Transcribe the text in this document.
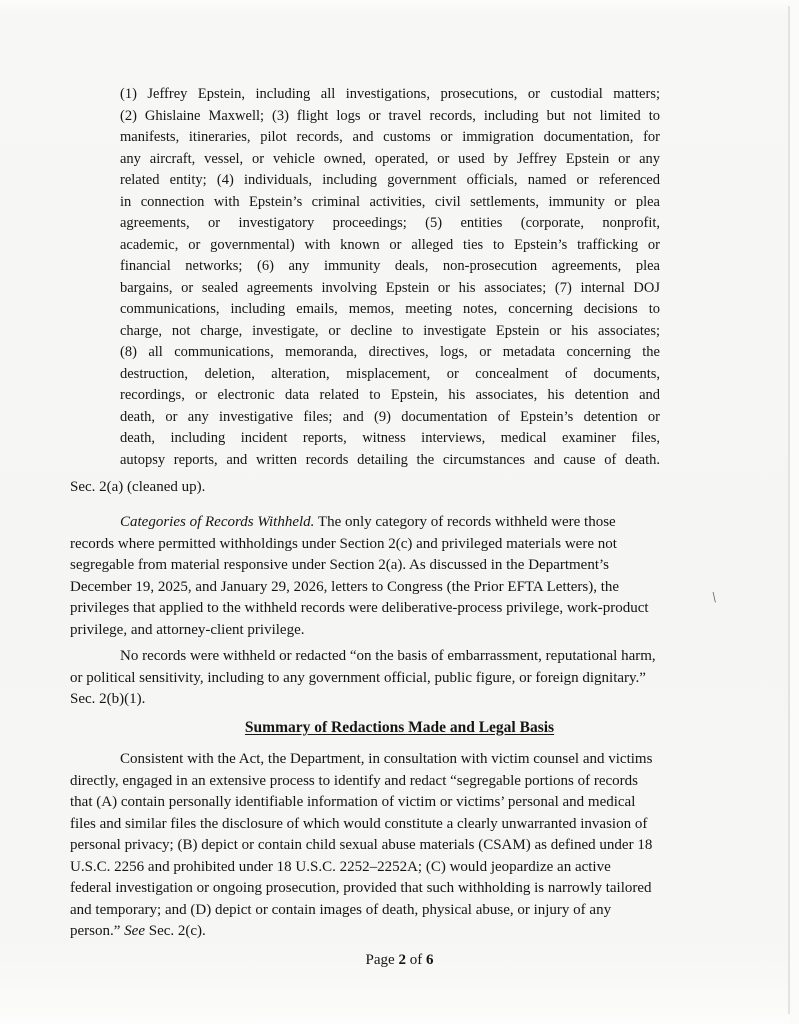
(1) Jeffrey Epstein, including all investigations, prosecutions, or custodial matters;
(2) Ghislaine Maxwell; (3) flight logs or travel records, including but not limited to
manifests, itineraries, pilot records, and customs or immigration documentation, for
any aircraft, vessel, or vehicle owned, operated, or used by Jeffrey Epstein or any
related entity; (4) individuals, including government officials, named or referenced
in connection with Epstein’s criminal activities, civil settlements, immunity or plea
agreements, or investigatory proceedings; (5) entities (corporate, nonprofit,
academic, or governmental) with known or alleged ties to Epstein’s trafficking or
financial networks; (6) any immunity deals, non-prosecution agreements, plea
bargains, or sealed agreements involving Epstein or his associates; (7) internal DOJ
communications, including emails, memos, meeting notes, concerning decisions to
charge, not charge, investigate, or decline to investigate Epstein or his associates;
(8) all communications, memoranda, directives, logs, or metadata concerning the
destruction, deletion, alteration, misplacement, or concealment of documents,
recordings, or electronic data related to Epstein, his associates, his detention and
death, or any investigative files; and (9) documentation of Epstein’s detention or
death, including incident reports, witness interviews, medical examiner files,
autopsy reports, and written records detailing the circumstances and cause of death.
Sec. 2(a) (cleaned up).
Categories of Records Withheld. The only category of records withheld were those
records where permitted withholdings under Section 2(c) and privileged materials were not
segregable from material responsive under Section 2(a). As discussed in the Department’s
December 19, 2025, and January 29, 2026, letters to Congress (the Prior EFTA Letters), the
privileges that applied to the withheld records were deliberative-process privilege, work-product
privilege, and attorney-client privilege.
No records were withheld or redacted “on the basis of embarrassment, reputational harm,
or political sensitivity, including to any government official, public figure, or foreign dignitary.”
Sec. 2(b)(1).
Summary of Redactions Made and Legal Basis
Consistent with the Act, the Department, in consultation with victim counsel and victims
directly, engaged in an extensive process to identify and redact “segregable portions of records
that (A) contain personally identifiable information of victim or victims’ personal and medical
files and similar files the disclosure of which would constitute a clearly unwarranted invasion of
personal privacy; (B) depict or contain child sexual abuse materials (CSAM) as defined under 18
U.S.C. 2256 and prohibited under 18 U.S.C. 2252–2252A; (C) would jeopardize an active
federal investigation or ongoing prosecution, provided that such withholding is narrowly tailored
and temporary; and (D) depict or contain images of death, physical abuse, or injury of any
person.” See Sec. 2(c).
Page 2 of 6
\
